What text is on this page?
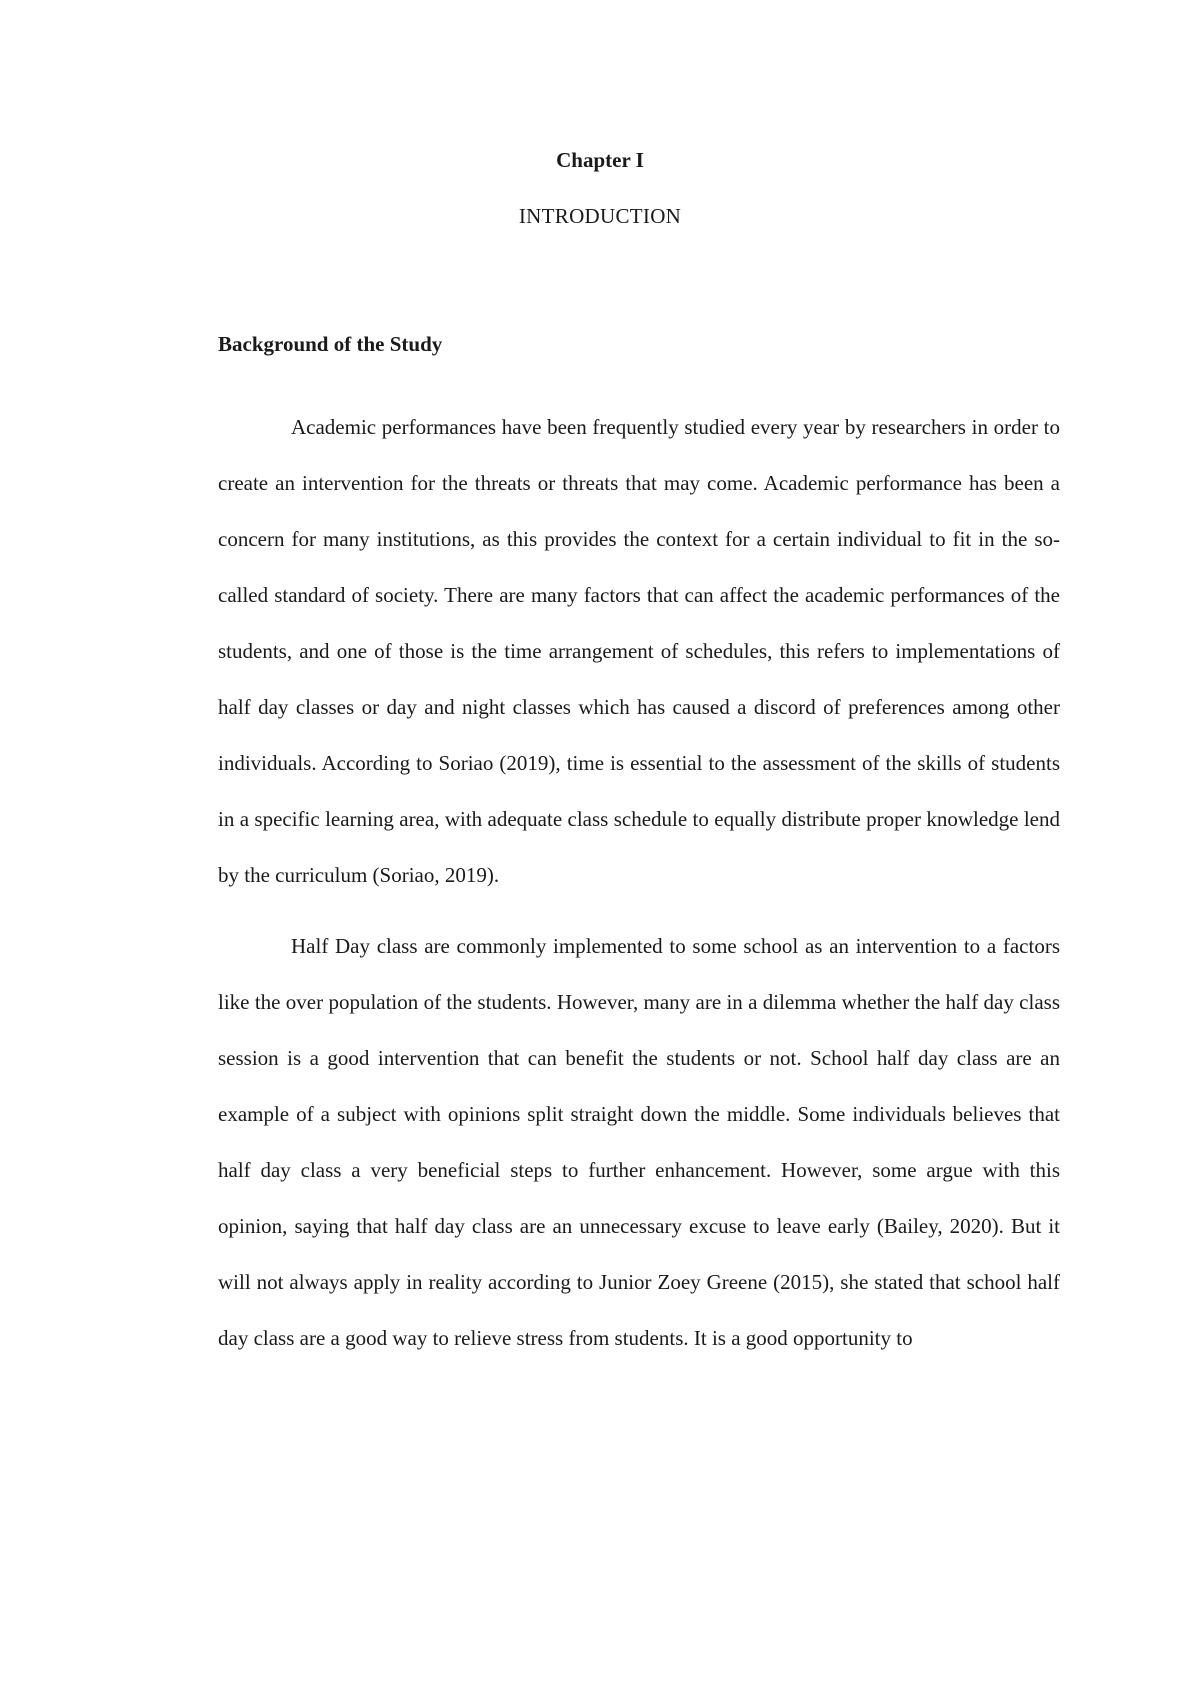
Chapter I
INTRODUCTION
Background of the Study

Academic performances have been frequently studied every year by researchers in order to create an intervention for the threats or threats that may come. Academic performance has been a concern for many institutions, as this provides the context for a certain individual to fit in the so-called standard of society. There are many factors that can affect the academic performances of the students, and one of those is the time arrangement of schedules, this refers to implementations of half day classes or day and night classes which has caused a discord of preferences among other individuals. According to Soriao (2019), time is essential to the assessment of the skills of students in a specific learning area, with adequate class schedule to equally distribute proper knowledge lend by the curriculum (Soriao, 2019).

Half Day class are commonly implemented to some school as an intervention to a factors like the over population of the students. However, many are in a dilemma whether the half day class session is a good intervention that can benefit the students or not. School half day class are an example of a subject with opinions split straight down the middle. Some individuals believes that half day class a very beneficial steps to further enhancement. However, some argue with this opinion, saying that half day class are an unnecessary excuse to leave early (Bailey, 2020). But it will not always apply in reality according to Junior Zoey Greene (2015), she stated that school half day class are a good way to relieve stress from students. It is a good opportunity to
